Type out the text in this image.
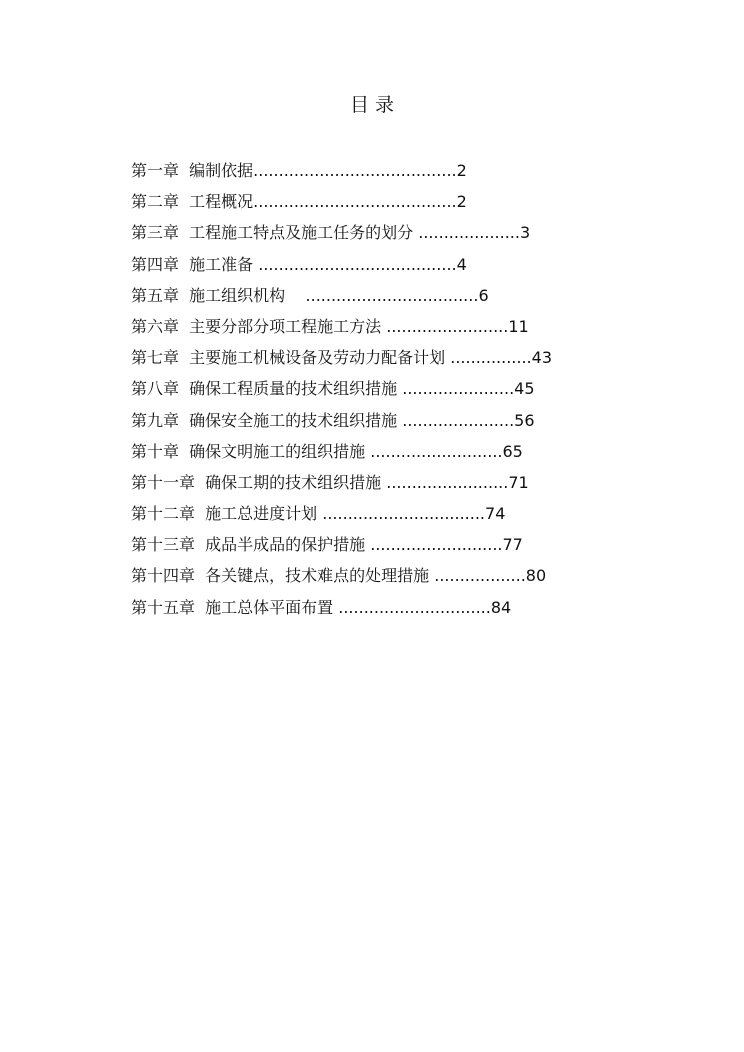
目 录
第一章  编制依据........................................2
第二章  工程概况........................................2
第三章  工程施工特点及施工任务的划分 ....................3
第四章  施工准备 .......................................4
第五章  施工组织机构    ..................................6
第六章  主要分部分项工程施工方法 ........................11
第七章  主要施工机械设备及劳动力配备计划 ................43
第八章  确保工程质量的技术组织措施 ......................45
第九章  确保安全施工的技术组织措施 ......................56
第十章  确保文明施工的组织措施 ..........................65
第十一章  确保工期的技术组织措施 ........................71
第十二章  施工总进度计划 ................................74
第十三章  成品半成品的保护措施 ..........................77
第十四章  各关键点，技术难点的处理措施 ..................80
第十五章  施工总体平面布置 ..............................84
